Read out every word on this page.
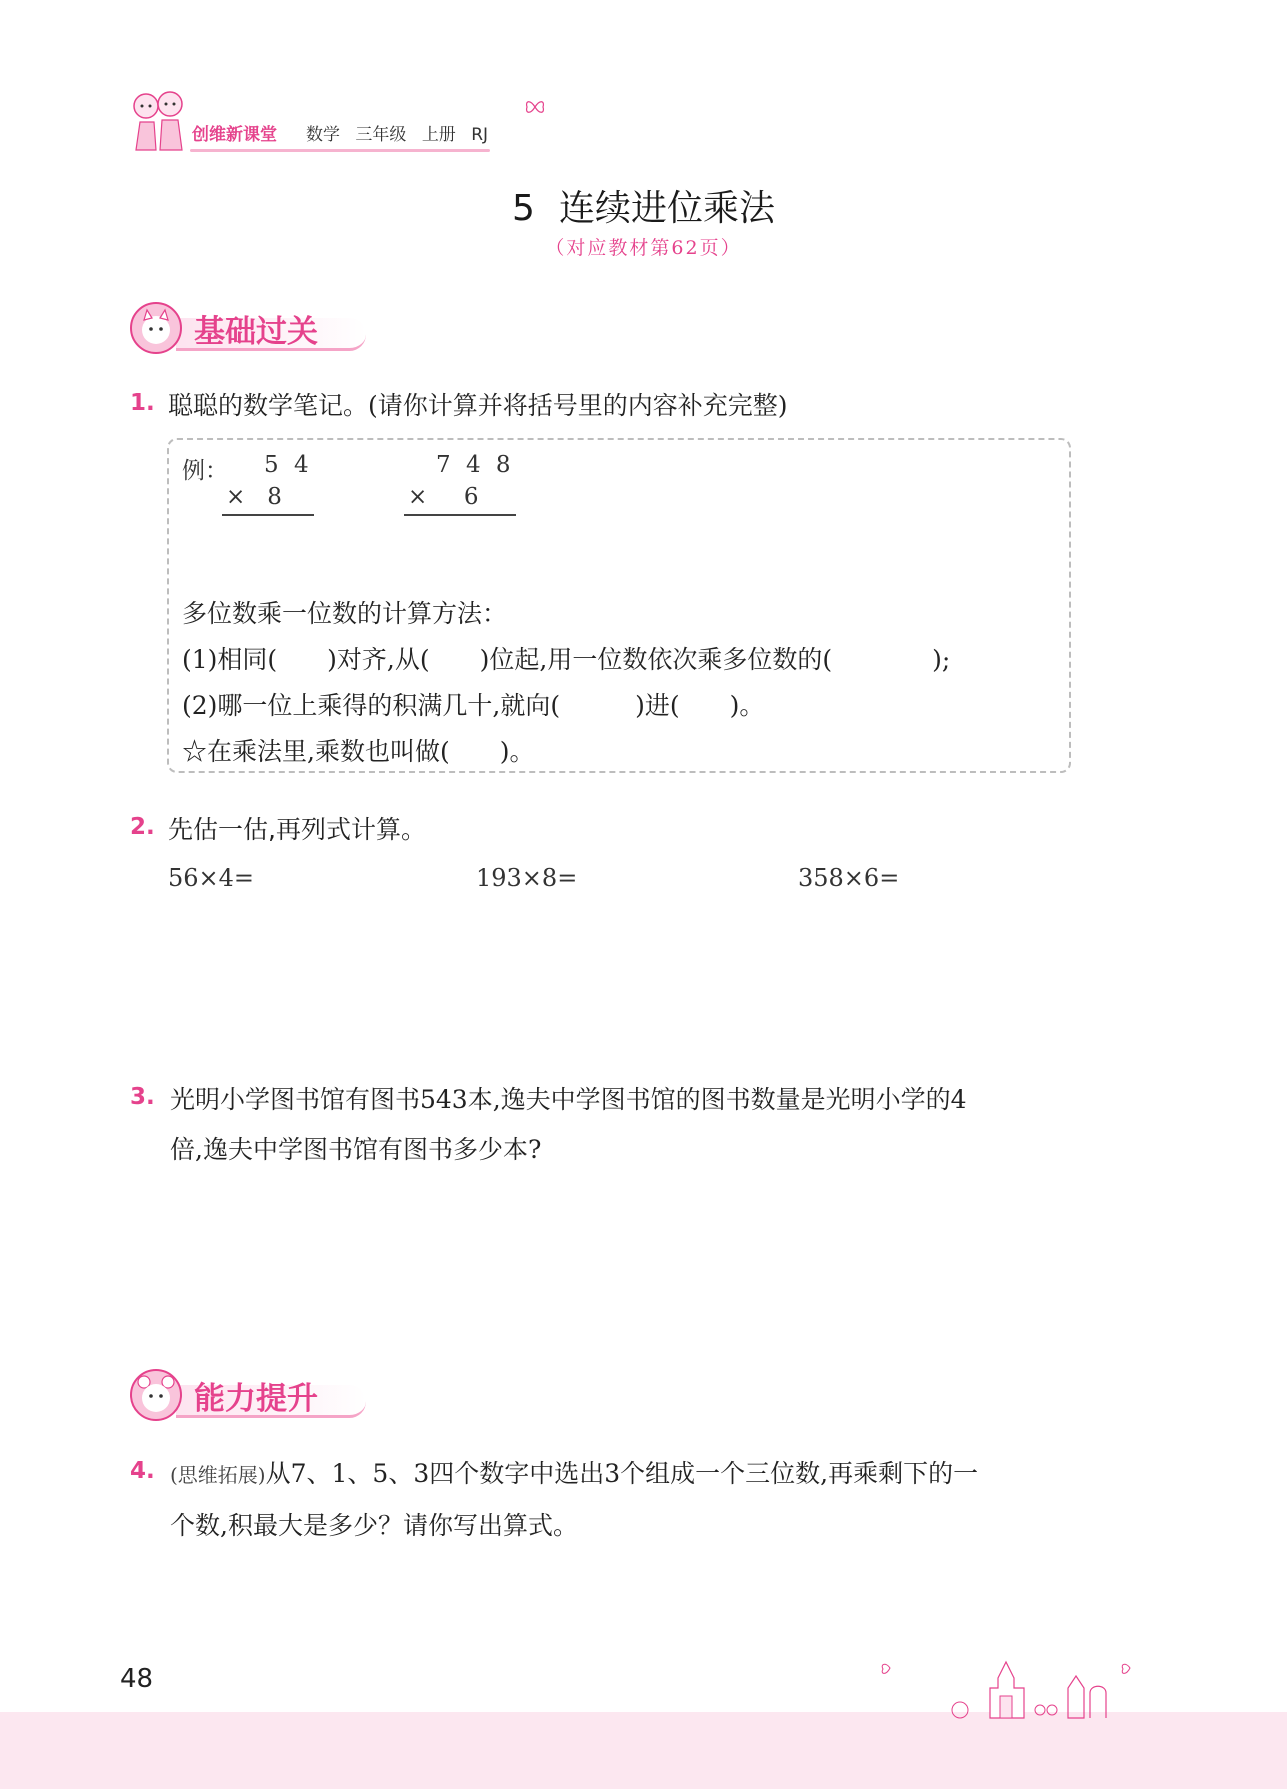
创维新课堂 数学 三年级 上册 RJ
5 连续进位乘法
（对应教材第62页）
基础过关
1. 聪聪的数学笔记。(请你计算并将括号里的内容补充完整)
例： 5 4
×   8
7 4 8
×     6
多位数乘一位数的计算方法：
(1)相同(　　)对齐,从(　　)位起,用一位数依次乘多位数的(　　　　);
(2)哪一位上乘得的积满几十,就向(　　　)进(　　)。
☆在乘法里,乘数也叫做(　　)。
2. 先估一估,再列式计算。
56×4=	193×8=	358×6=
3. 光明小学图书馆有图书543本,逸夫中学图书馆的图书数量是光明小学的4
倍,逸夫中学图书馆有图书多少本?
能力提升
4. (思维拓展)从7、1、5、3四个数字中选出3个组成一个三位数,再乘剩下的一
个数,积最大是多少？请你写出算式。
48
